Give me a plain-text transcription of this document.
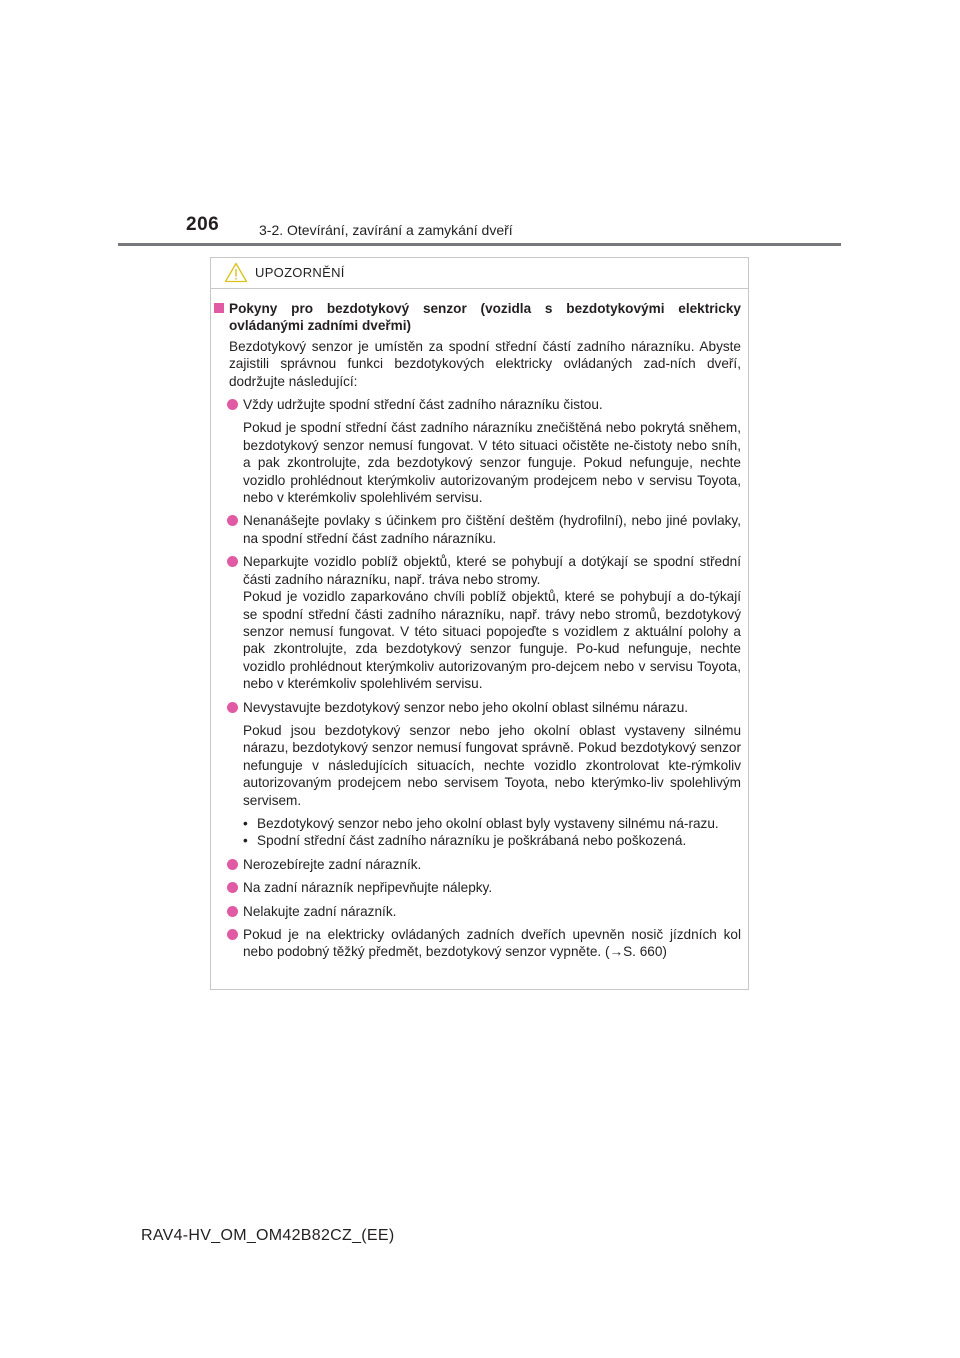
206	3-2. Otevírání, zavírání a zamykání dveří
UPOZORNĚNÍ
Pokyny pro bezdotykový senzor (vozidla s bezdotykovými elektricky ovládanými zadními dveřmi)
Bezdotykový senzor je umístěn za spodní střední částí zadního nárazníku. Abyste zajistili správnou funkci bezdotykových elektricky ovládaných zad-ních dveří, dodržujte následující:
Vždy udržujte spodní střední část zadního nárazníku čistou.
Pokud je spodní střední část zadního nárazníku znečištěná nebo pokrytá sněhem, bezdotykový senzor nemusí fungovat. V této situaci očistěte ne-čistoty nebo sníh, a pak zkontrolujte, zda bezdotykový senzor funguje. Pokud nefunguje, nechte vozidlo prohlédnout kterýmkoliv autorizovaným prodejcem nebo v servisu Toyota, nebo v kterémkoliv spolehlivém servisu.
Nenanášejte povlaky s účinkem pro čištění deštěm (hydrofilní), nebo jiné povlaky, na spodní střední část zadního nárazníku.
Neparkujte vozidlo poblíž objektů, které se pohybují a dotýkají se spodní střední části zadního nárazníku, např. tráva nebo stromy.
Pokud je vozidlo zaparkováno chvíli poblíž objektů, které se pohybují a do-týkají se spodní střední části zadního nárazníku, např. trávy nebo stromů, bezdotykový senzor nemusí fungovat. V této situaci popojeďte s vozidlem z aktuální polohy a pak zkontrolujte, zda bezdotykový senzor funguje. Po-kud nefunguje, nechte vozidlo prohlédnout kterýmkoliv autorizovaným pro-dejcem nebo v servisu Toyota, nebo v kterémkoliv spolehlivém servisu.
Nevystavujte bezdotykový senzor nebo jeho okolní oblast silnému nárazu.
Pokud jsou bezdotykový senzor nebo jeho okolní oblast vystaveny silnému nárazu, bezdotykový senzor nemusí fungovat správně. Pokud bezdotykový senzor nefunguje v následujících situacích, nechte vozidlo zkontrolovat kte-rýmkoliv autorizovaným prodejcem nebo servisem Toyota, nebo kterýmko-liv spolehlivým servisem.
• Bezdotykový senzor nebo jeho okolní oblast byly vystaveny silnému ná-razu.
• Spodní střední část zadního nárazníku je poškrábaná nebo poškozená.
Nerozebírejte zadní nárazník.
Na zadní nárazník nepřipevňujte nálepky.
Nelakujte zadní nárazník.
Pokud je na elektricky ovládaných zadních dveřích upevněn nosič jízdních kol nebo podobný těžký předmět, bezdotykový senzor vypněte. (→S. 660)
RAV4-HV_OM_OM42B82CZ_(EE)
